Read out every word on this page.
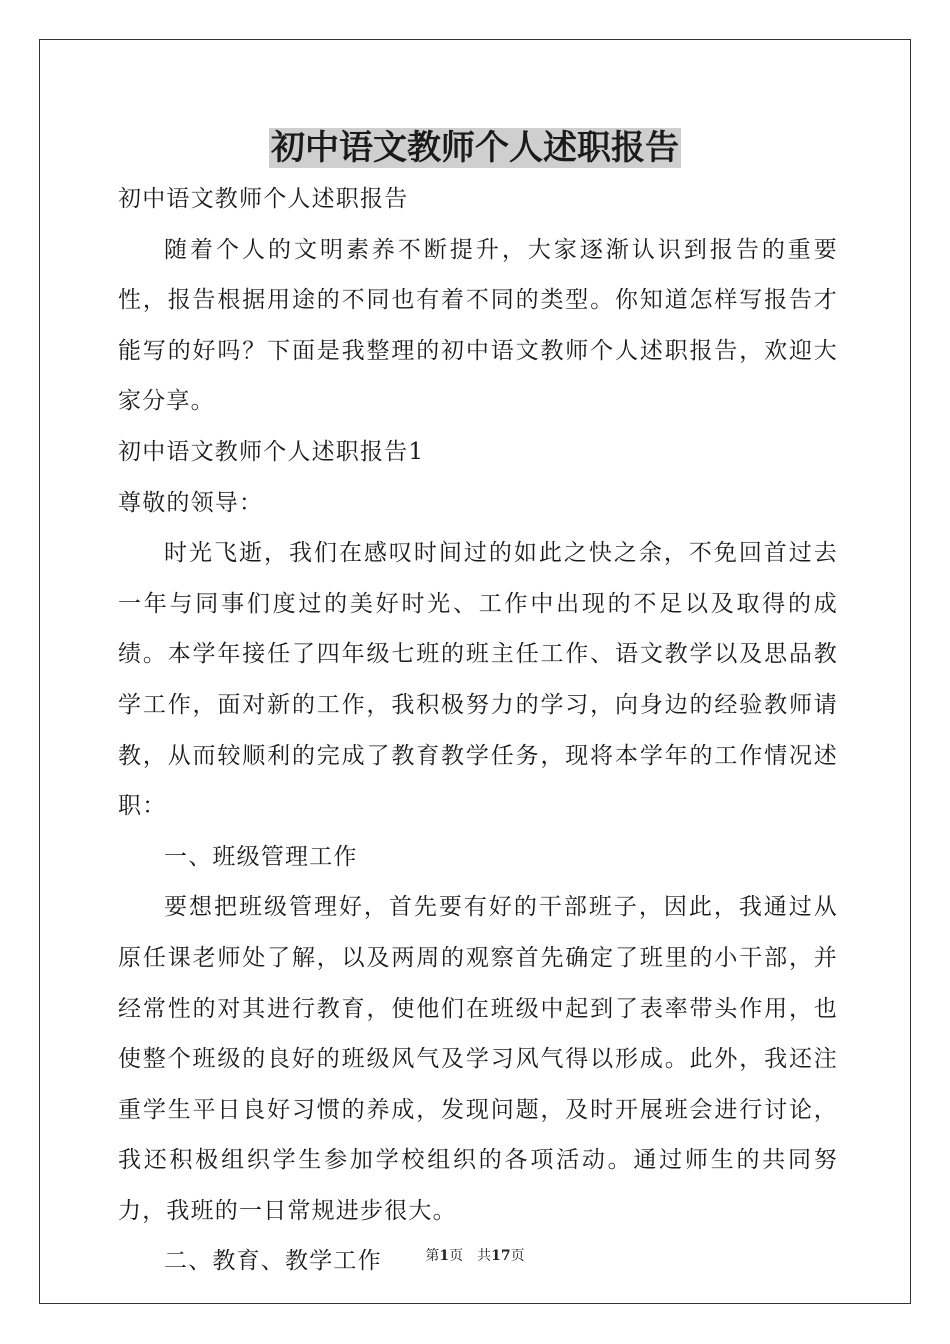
初中语文教师个人述职报告

初中语文教师个人述职报告

随着个人的文明素养不断提升，大家逐渐认识到报告的重要性，报告根据用途的不同也有着不同的类型。你知道怎样写报告才能写的好吗？下面是我整理的初中语文教师个人述职报告，欢迎大家分享。

初中语文教师个人述职报告1

尊敬的领导：

时光飞逝，我们在感叹时间过的如此之快之余，不免回首过去一年与同事们度过的美好时光、工作中出现的不足以及取得的成绩。本学年接任了四年级七班的班主任工作、语文教学以及思品教学工作，面对新的工作，我积极努力的学习，向身边的经验教师请教，从而较顺利的完成了教育教学任务，现将本学年的工作情况述职：

一、班级管理工作

要想把班级管理好，首先要有好的干部班子，因此，我通过从原任课老师处了解，以及两周的观察首先确定了班里的小干部，并经常性的对其进行教育，使他们在班级中起到了表率带头作用，也使整个班级的良好的班级风气及学习风气得以形成。此外，我还注重学生平日良好习惯的养成，发现问题，及时开展班会进行讨论，我还积极组织学生参加学校组织的各项活动。通过师生的共同努力，我班的一日常规进步很大。

二、教育、教学工作	第1页　共17页
